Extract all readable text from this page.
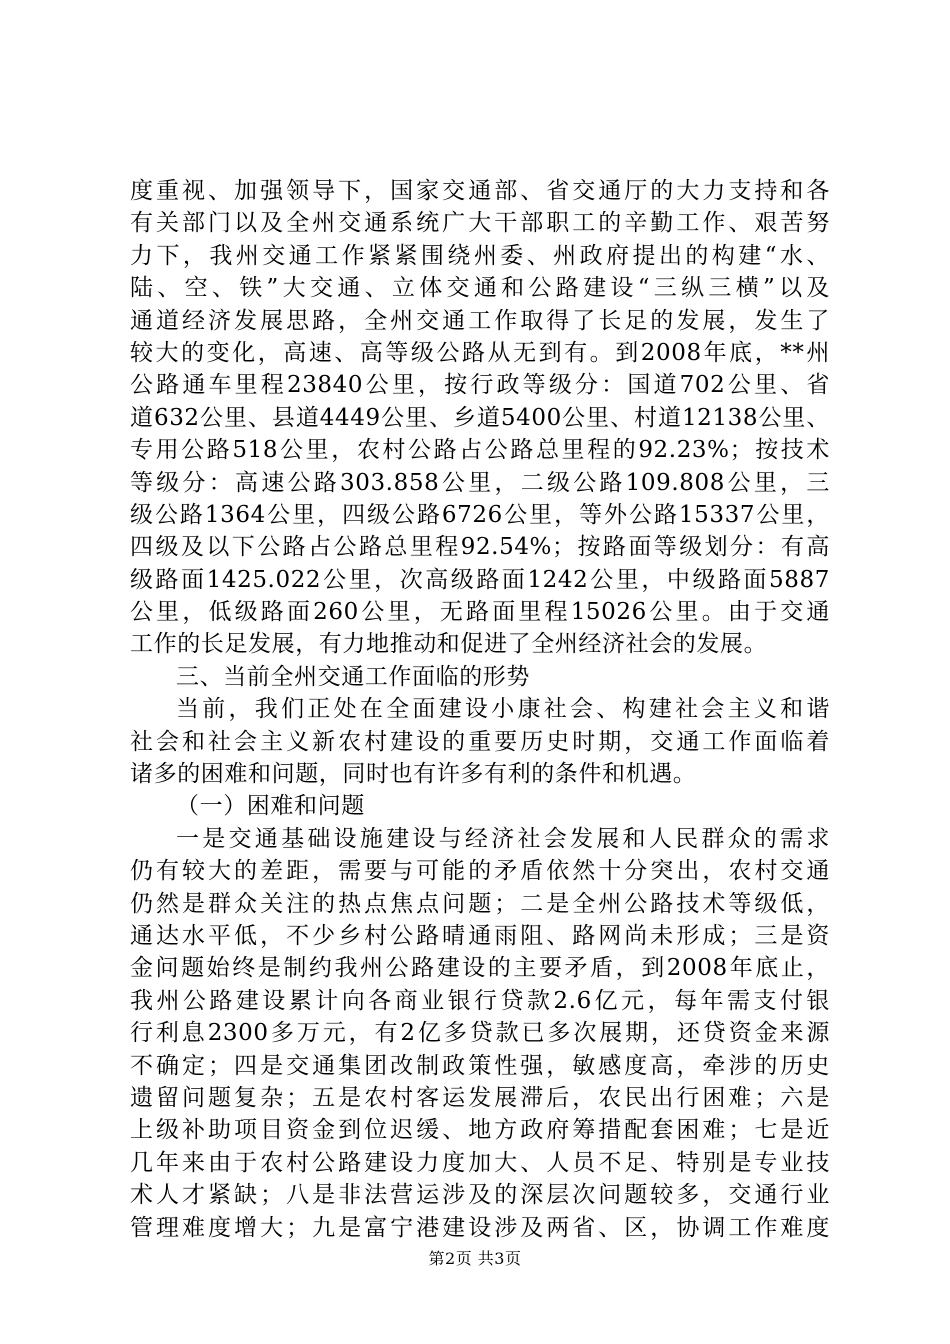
度重视、加强领导下，国家交通部、省交通厅的大力支持和各
有关部门以及全州交通系统广大干部职工的辛勤工作、艰苦努
力下，我州交通工作紧紧围绕州委、州政府提出的构建“水、
陆、空、铁”大交通、立体交通和公路建设“三纵三横”以及
通道经济发展思路，全州交通工作取得了长足的发展，发生了
较大的变化，高速、高等级公路从无到有。到2008年底，**州
公路通车里程23840公里，按行政等级分：国道702公里、省
道632公里、县道4449公里、乡道5400公里、村道12138公里、
专用公路518公里，农村公路占公路总里程的92.23%；按技术
等级分：高速公路303.858公里，二级公路109.808公里，三
级公路1364公里，四级公路6726公里，等外公路15337公里，
四级及以下公路占公路总里程92.54%；按路面等级划分：有高
级路面1425.022公里，次高级路面1242公里，中级路面5887
公里，低级路面260公里，无路面里程15026公里。由于交通
工作的长足发展，有力地推动和促进了全州经济社会的发展。
三、当前全州交通工作面临的形势
当前，我们正处在全面建设小康社会、构建社会主义和谐
社会和社会主义新农村建设的重要历史时期，交通工作面临着
诸多的困难和问题，同时也有许多有利的条件和机遇。
（一）困难和问题
一是交通基础设施建设与经济社会发展和人民群众的需求
仍有较大的差距，需要与可能的矛盾依然十分突出，农村交通
仍然是群众关注的热点焦点问题；二是全州公路技术等级低，
通达水平低，不少乡村公路晴通雨阻、路网尚未形成；三是资
金问题始终是制约我州公路建设的主要矛盾，到2008年底止，
我州公路建设累计向各商业银行贷款2.6亿元，每年需支付银
行利息2300多万元，有2亿多贷款已多次展期，还贷资金来源
不确定；四是交通集团改制政策性强，敏感度高，牵涉的历史
遗留问题复杂；五是农村客运发展滞后，农民出行困难；六是
上级补助项目资金到位迟缓、地方政府筹措配套困难；七是近
几年来由于农村公路建设力度加大、人员不足、特别是专业技
术人才紧缺；八是非法营运涉及的深层次问题较多，交通行业
管理难度增大；九是富宁港建设涉及两省、区，协调工作难度
第2页 共3页
